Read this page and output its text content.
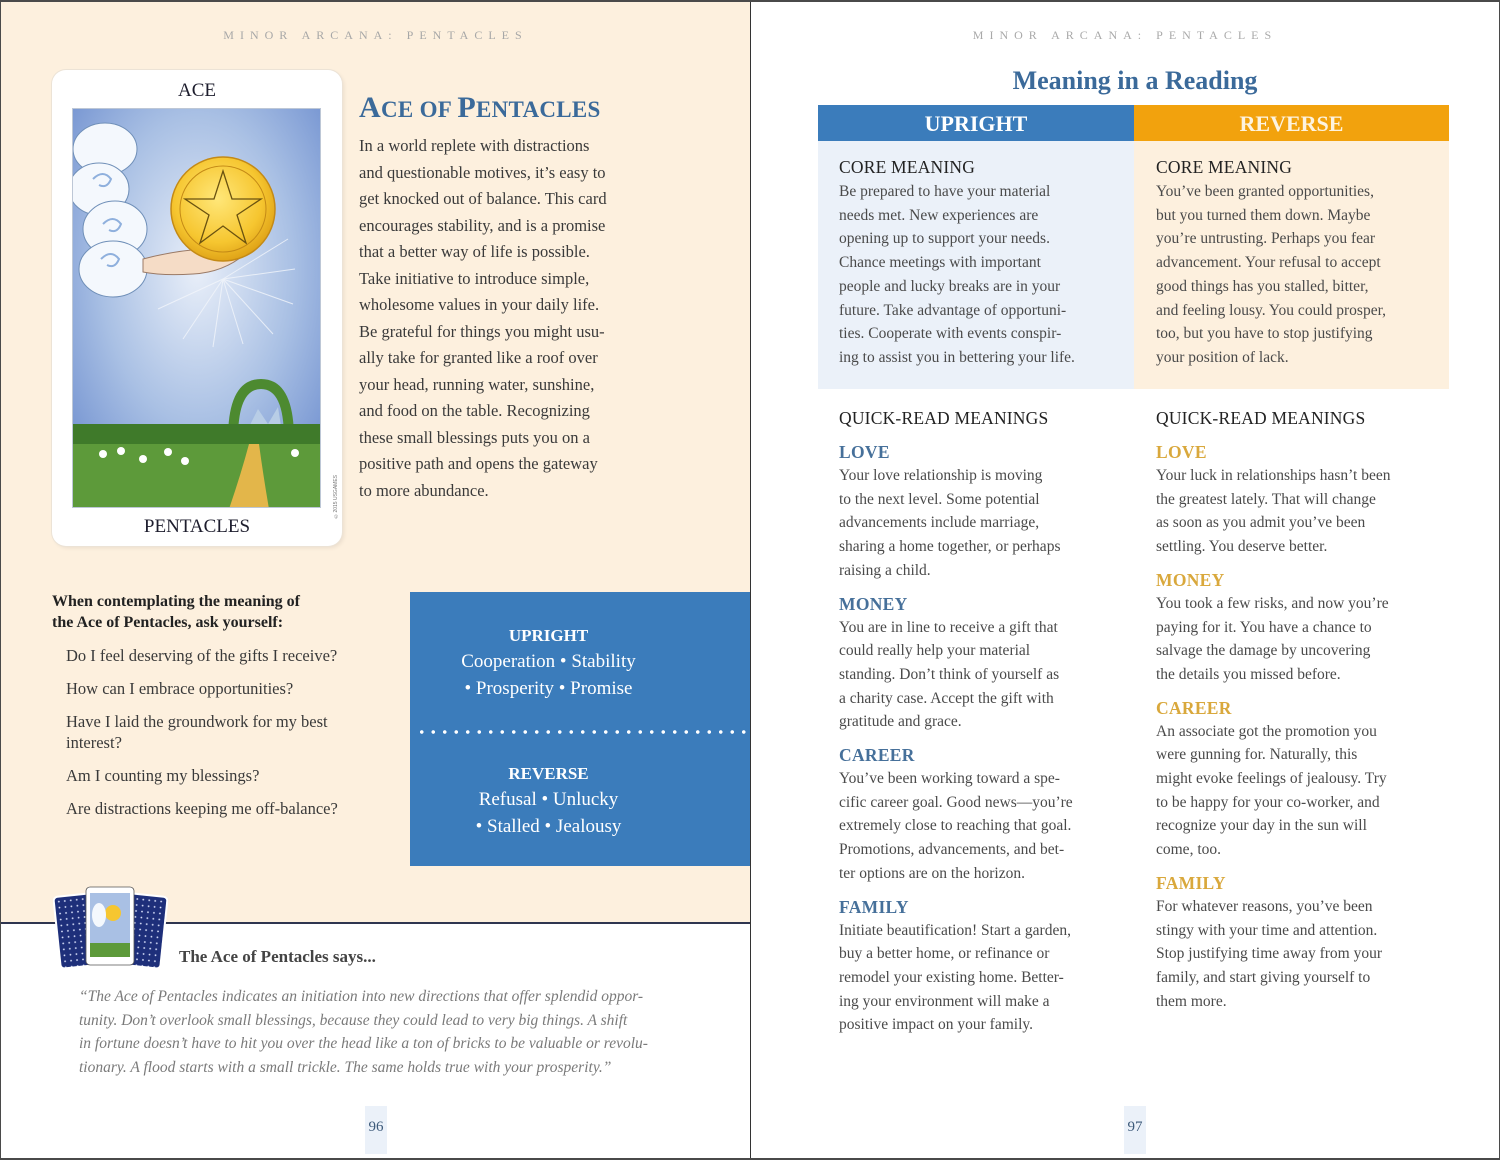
MINOR ARCANA: PENTACLES
ACE
©2015 USGAMES
PENTACLES
ACE OF PENTACLES
In a world replete with distractions
and questionable motives, it’s easy to
get knocked out of balance. This card
encourages stability, and is a promise
that a better way of life is possible.
Take initiative to introduce simple,
wholesome values in your daily life.
Be grateful for things you might usu-
ally take for granted like a roof over
your head, running water, sunshine,
and food on the table. Recognizing
these small blessings puts you on a
positive path and opens the gateway
to more abundance.
When contemplating the meaning of
the Ace of Pentacles, ask yourself:
Do I feel deserving of the gifts I receive?
How can I embrace opportunities?
Have I laid the groundwork for my best interest?
Am I counting my blessings?
Are distractions keeping me off-balance?
UPRIGHT
Cooperation • Stability
• Prosperity • Promise
REVERSE
Refusal • Unlucky
• Stalled • Jealousy
The Ace of Pentacles says...
“The Ace of Pentacles indicates an initiation into new directions that offer splendid oppor-
tunity. Don’t overlook small blessings, because they could lead to very big things. A shift
in fortune doesn’t have to hit you over the head like a ton of bricks to be valuable or revolu-
tionary. A flood starts with a small trickle. The same holds true with your prosperity.”
96
MINOR ARCANA: PENTACLES
Meaning in a Reading
UPRIGHT	REVERSE
CORE MEANING
Be prepared to have your material
needs met. New experiences are
opening up to support your needs.
Chance meetings with important
people and lucky breaks are in your
future. Take advantage of opportuni-
ties. Cooperate with events conspir-
ing to assist you in bettering your life.
CORE MEANING
You’ve been granted opportunities,
but you turned them down. Maybe
you’re untrusting. Perhaps you fear
advancement. Your refusal to accept
good things has you stalled, bitter,
and feeling lousy. You could prosper,
too, but you have to stop justifying
your position of lack.
QUICK-READ MEANINGS
LOVE
Your love relationship is moving
to the next level. Some potential
advancements include marriage,
sharing a home together, or perhaps
raising a child.
MONEY
You are in line to receive a gift that
could really help your material
standing. Don’t think of yourself as
a charity case. Accept the gift with
gratitude and grace.
CAREER
You’ve been working toward a spe-
cific career goal. Good news—you’re
extremely close to reaching that goal.
Promotions, advancements, and bet-
ter options are on the horizon.
FAMILY
Initiate beautification! Start a garden,
buy a better home, or refinance or
remodel your existing home. Better-
ing your environment will make a
positive impact on your family.
QUICK-READ MEANINGS
LOVE
Your luck in relationships hasn’t been
the greatest lately. That will change
as soon as you admit you’ve been
settling. You deserve better.
MONEY
You took a few risks, and now you’re
paying for it. You have a chance to
salvage the damage by uncovering
the details you missed before.
CAREER
An associate got the promotion you
were gunning for. Naturally, this
might evoke feelings of jealousy. Try
to be happy for your co-worker, and
recognize your day in the sun will
come, too.
FAMILY
For whatever reasons, you’ve been
stingy with your time and attention.
Stop justifying time away from your
family, and start giving yourself to
them more.
97
